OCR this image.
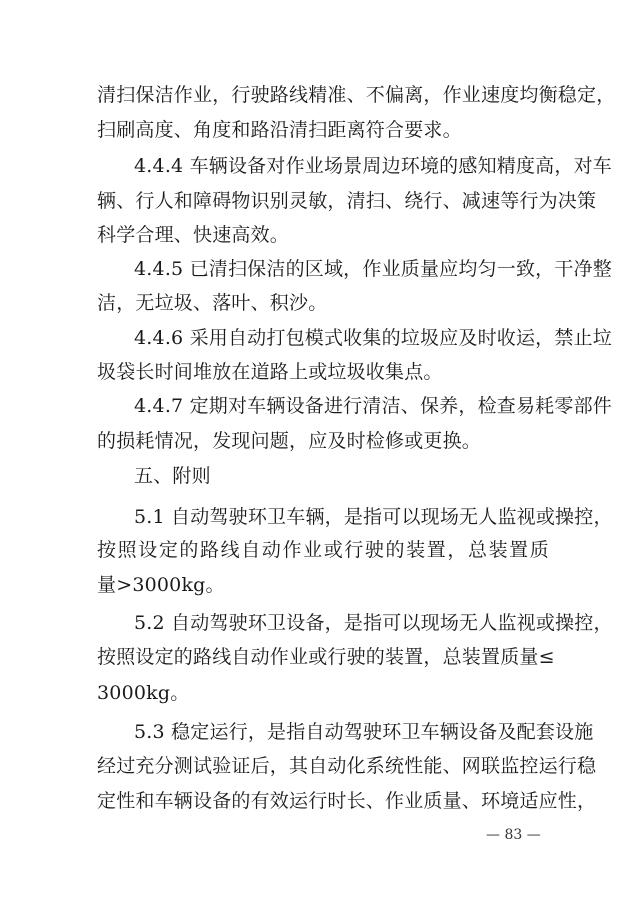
清扫保洁作业，行驶路线精准、不偏离，作业速度均衡稳定，
扫刷高度、角度和路沿清扫距离符合要求。
4.4.4 车辆设备对作业场景周边环境的感知精度高，对车
辆、行人和障碍物识别灵敏，清扫、绕行、减速等行为决策
科学合理、快速高效。
4.4.5 已清扫保洁的区域，作业质量应均匀一致，干净整
洁，无垃圾、落叶、积沙。
4.4.6 采用自动打包模式收集的垃圾应及时收运，禁止垃
圾袋长时间堆放在道路上或垃圾收集点。
4.4.7 定期对车辆设备进行清洁、保养，检查易耗零部件
的损耗情况，发现问题，应及时检修或更换。
五、附则
5.1 自动驾驶环卫车辆，是指可以现场无人监视或操控，
按照设定的路线自动作业或行驶的装置，总装置质
量>3000kg。
5.2 自动驾驶环卫设备，是指可以现场无人监视或操控，
按照设定的路线自动作业或行驶的装置，总装置质量≤
3000kg。
5.3 稳定运行，是指自动驾驶环卫车辆设备及配套设施
经过充分测试验证后，其自动化系统性能、网联监控运行稳
定性和车辆设备的有效运行时长、作业质量、环境适应性，
— 83 —
